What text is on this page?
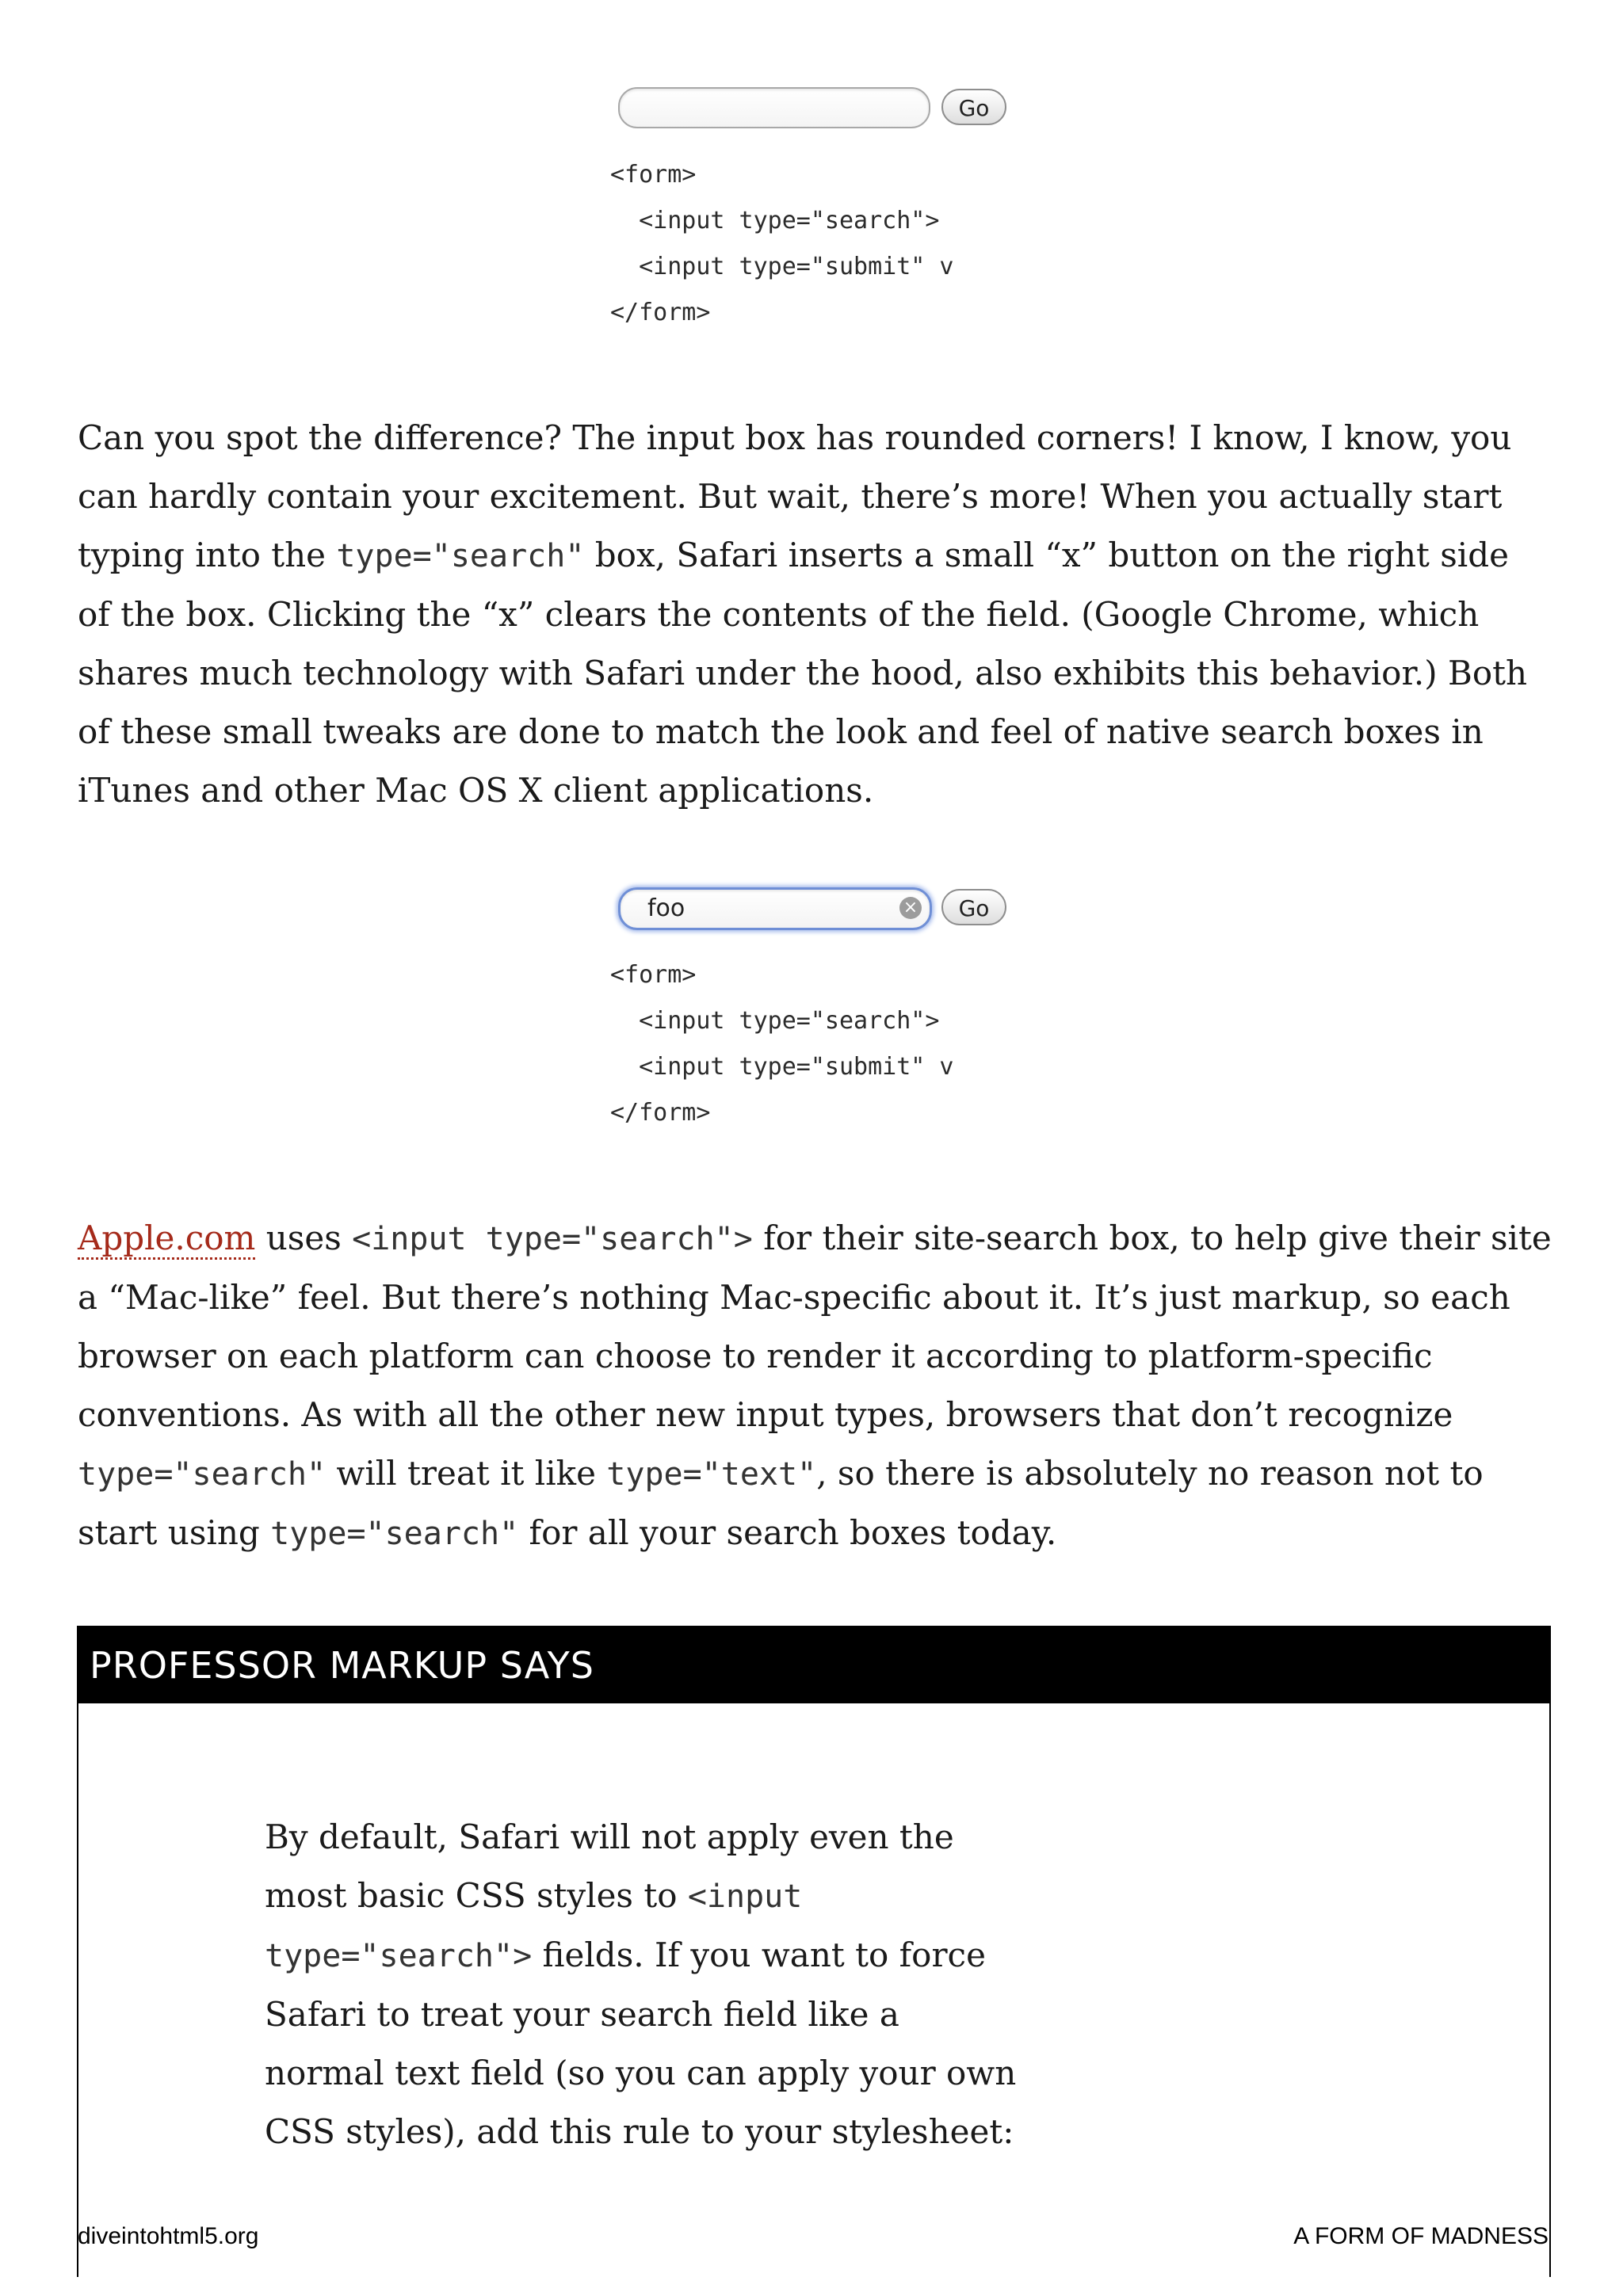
Go
<form>
<input type="search">
<input type="submit" v
</form>

Can you spot the difference? The input box has rounded corners! I know, I know, you can hardly contain your excitement. But wait, there’s more! When you actually start typing into the type="search" box, Safari inserts a small “x” button on the right side of the box. Clicking the “x” clears the contents of the field. (Google Chrome, which shares much technology with Safari under the hood, also exhibits this behavior.) Both of these small tweaks are done to match the look and feel of native search boxes in iTunes and other Mac OS X client applications.

foo	×	Go
<form>
<input type="search">
<input type="submit" v
</form>

Apple.com uses <input type="search"> for their site-search box, to help give their site a “Mac-like” feel. But there’s nothing Mac-specific about it. It’s just markup, so each browser on each platform can choose to render it according to platform-specific conventions. As with all the other new input types, browsers that don’t recognize type="search" will treat it like type="text", so there is absolutely no reason not to start using type="search" for all your search boxes today.

PROFESSOR MARKUP SAYS

By default, Safari will not apply even the most basic CSS styles to <input type="search"> fields. If you want to force Safari to treat your search field like a normal text field (so you can apply your own CSS styles), add this rule to your stylesheet:

diveintohtml5.org	A FORM OF MADNESS
